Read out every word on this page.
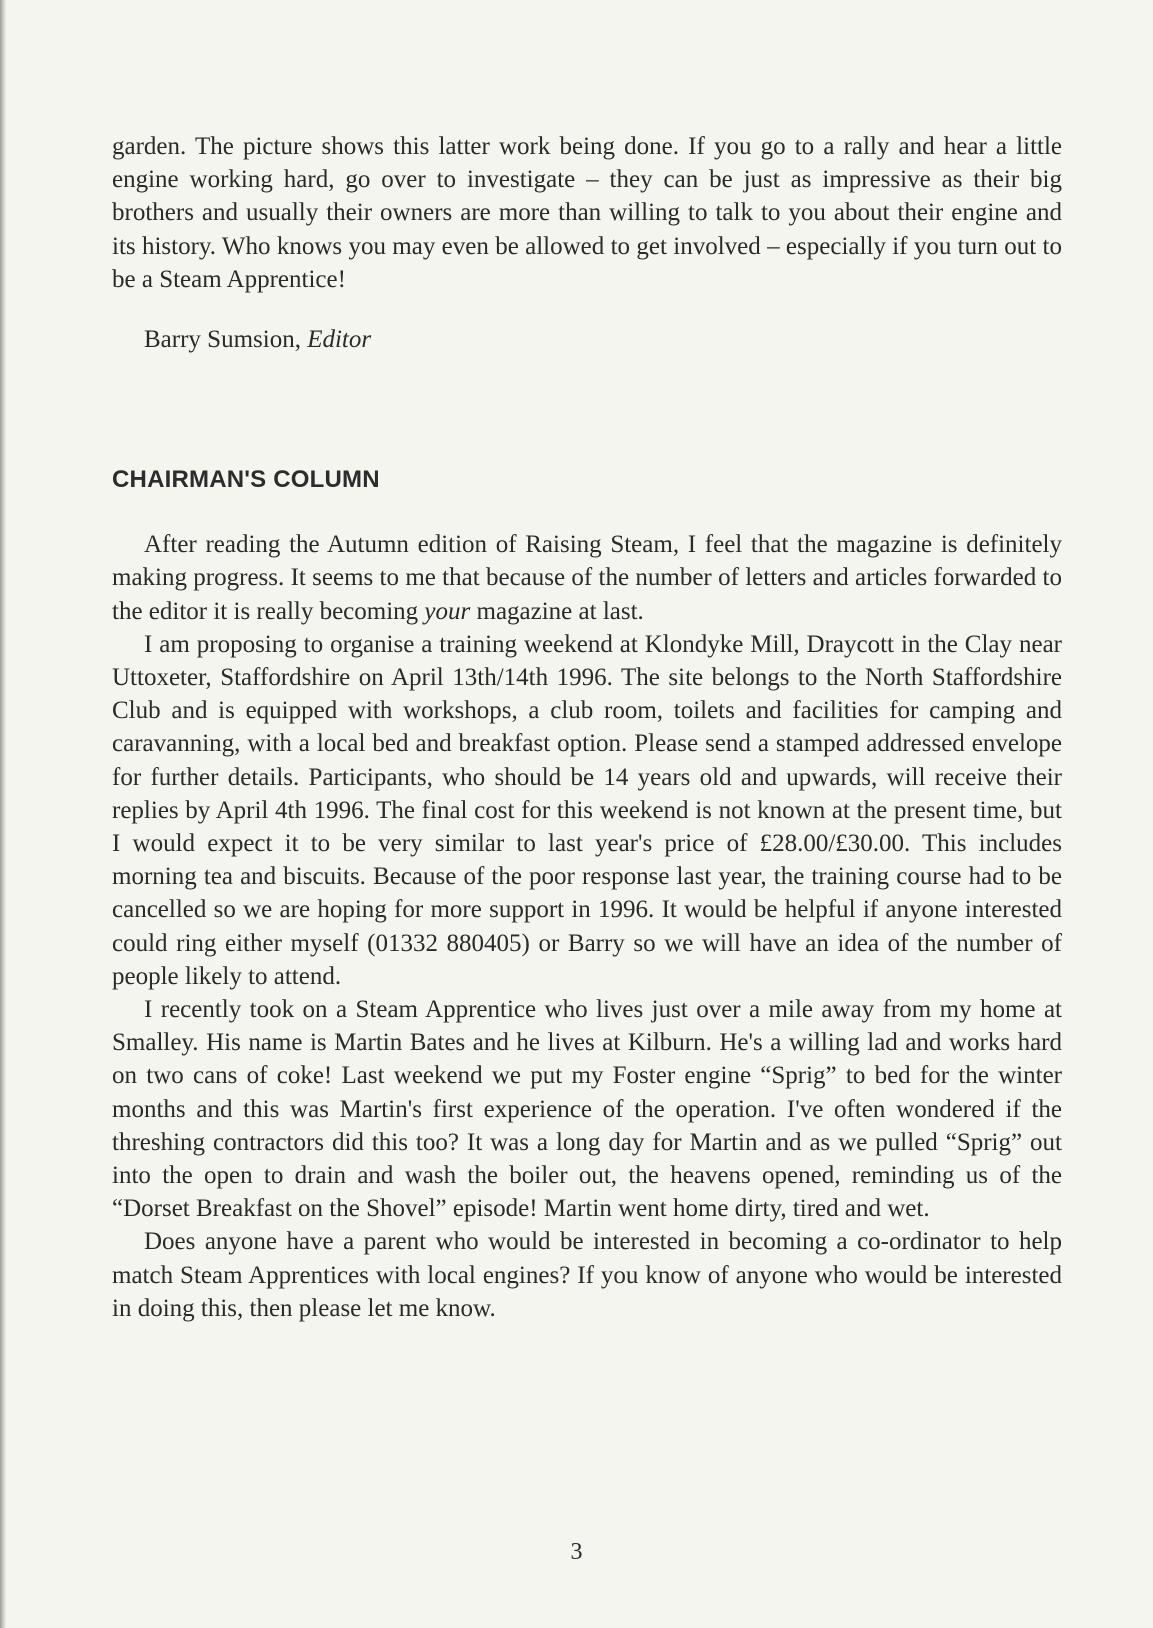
garden. The picture shows this latter work being done. If you go to a rally and hear a little engine working hard, go over to investigate – they can be just as impressive as their big brothers and usually their owners are more than willing to talk to you about their engine and its history. Who knows you may even be allowed to get involved – especially if you turn out to be a Steam Apprentice!

Barry Sumsion, Editor

CHAIRMAN'S COLUMN

After reading the Autumn edition of Raising Steam, I feel that the magazine is definitely making progress. It seems to me that because of the number of letters and articles forwarded to the editor it is really becoming your magazine at last.

I am proposing to organise a training weekend at Klondyke Mill, Draycott in the Clay near Uttoxeter, Staffordshire on April 13th/14th 1996. The site belongs to the North Staffordshire Club and is equipped with workshops, a club room, toilets and facilities for camping and caravanning, with a local bed and breakfast option. Please send a stamped addressed envelope for further details. Participants, who should be 14 years old and upwards, will receive their replies by April 4th 1996. The final cost for this weekend is not known at the present time, but I would expect it to be very similar to last year's price of £28.00/£30.00. This includes morning tea and biscuits. Because of the poor response last year, the training course had to be cancelled so we are hoping for more support in 1996. It would be helpful if anyone interested could ring either myself (01332 880405) or Barry so we will have an idea of the number of people likely to attend.

I recently took on a Steam Apprentice who lives just over a mile away from my home at Smalley. His name is Martin Bates and he lives at Kilburn. He's a willing lad and works hard on two cans of coke! Last weekend we put my Foster engine “Sprig” to bed for the winter months and this was Martin's first experience of the operation. I've often wondered if the threshing contractors did this too? It was a long day for Martin and as we pulled “Sprig” out into the open to drain and wash the boiler out, the heavens opened, reminding us of the “Dorset Breakfast on the Shovel” episode! Martin went home dirty, tired and wet.

Does anyone have a parent who would be interested in becoming a co-ordinator to help match Steam Apprentices with local engines? If you know of anyone who would be interested in doing this, then please let me know.

3
